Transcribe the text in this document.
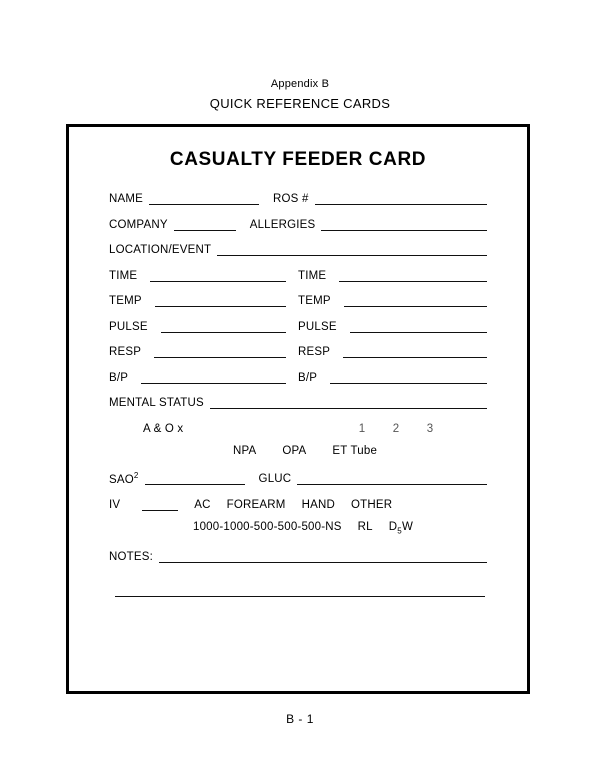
Appendix B
QUICK REFERENCE CARDS
CASUALTY FEEDER CARD
NAME	ROS #
COMPANY	ALLERGIES
LOCATION/EVENT
TIME	TIME
TEMP	TEMP
PULSE	PULSE
RESP	RESP
B/P	B/P
MENTAL STATUS
A & O x	1	2	3
NPA OPA ET Tube
SAO$^2$	GLUC
IV	AC FOREARM HAND OTHER
1000-1000-500-500-500-NS RL $D_5W$
NOTES:
B - 1
